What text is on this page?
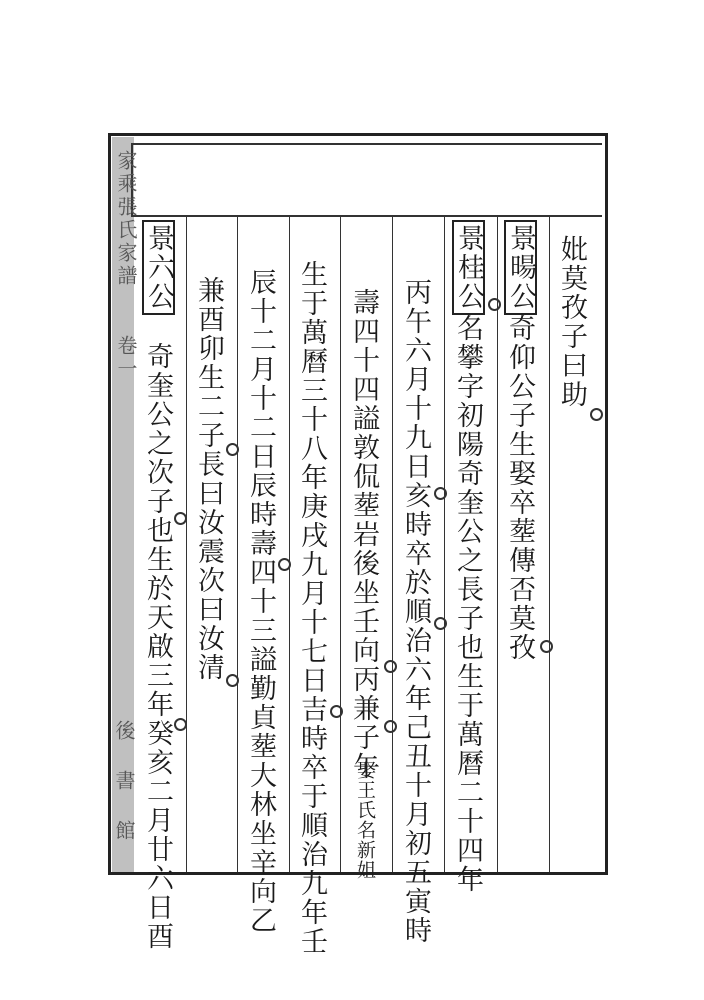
家乘張氏家譜
卷一
後 書 館
妣莫孜子曰助
景暘公
奇仰公子生娶卒塟傳否莫孜
景桂公
名攀字初陽奇奎公之長子也生于萬曆二十四年
丙午六月十九日亥時卒於順治六年己丑十月初五寅時
壽四十四謚敦侃塟岩後坐壬向丙兼子午
娶王氏名新姐
生于萬曆三十八年庚戌九月十七日吉時卒于順治九年壬
辰十二月十二日辰時壽四十三謚勤貞塟大林坐辛向乙
兼酉卯生二子長曰汝震次曰汝清
景六公
奇奎公之次子也生於天啟三年癸亥二月廿六日酉
